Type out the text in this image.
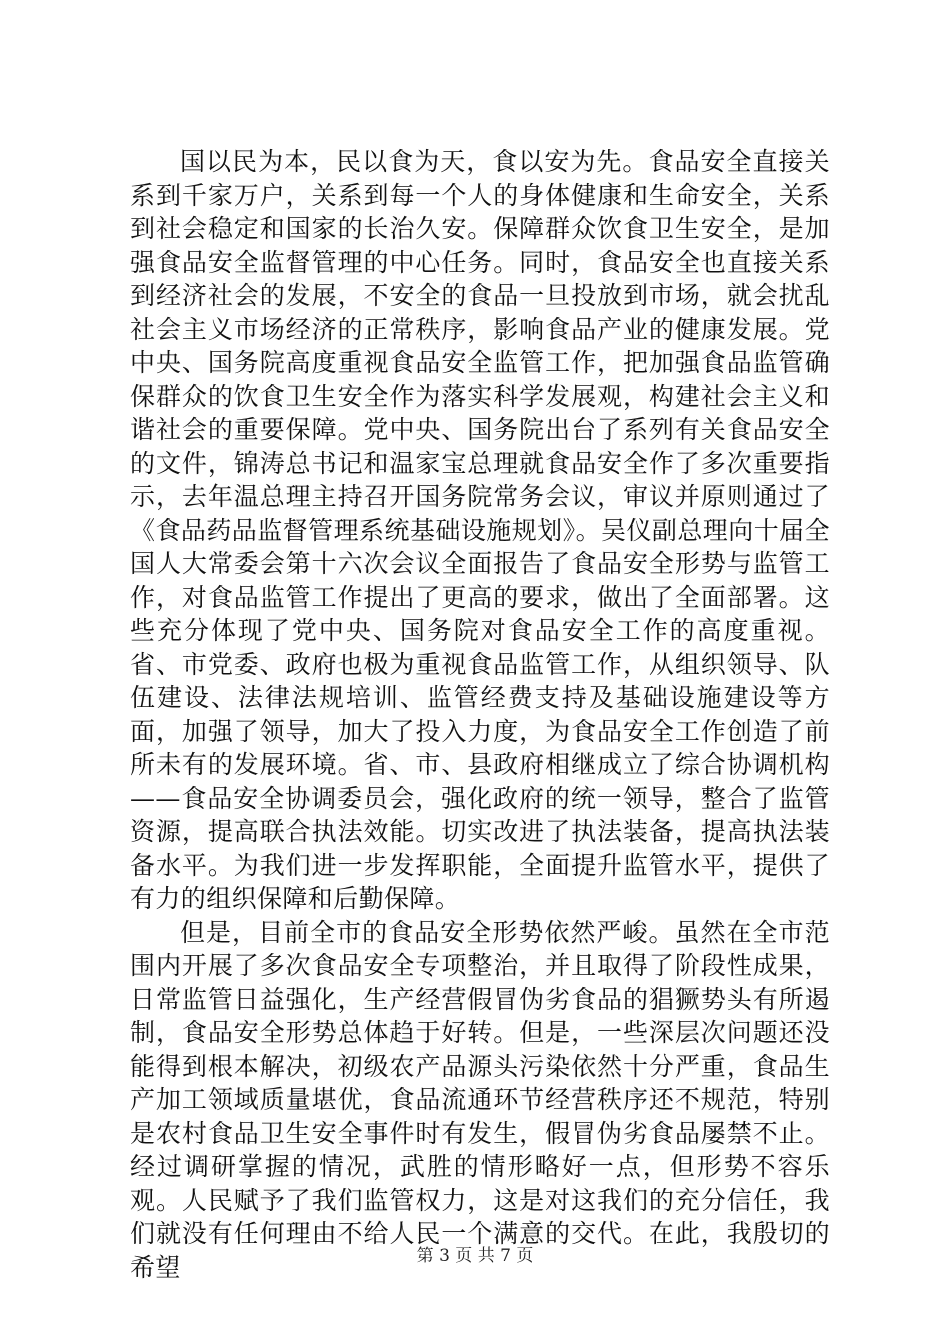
国以民为本，民以食为天，食以安为先。食品安全直接关系到千家万户，关系到每一个人的身体健康和生命安全，关系到社会稳定和国家的长治久安。保障群众饮食卫生安全，是加强食品安全监督管理的中心任务。同时，食品安全也直接关系到经济社会的发展，不安全的食品一旦投放到市场，就会扰乱社会主义市场经济的正常秩序，影响食品产业的健康发展。党中央、国务院高度重视食品安全监管工作，把加强食品监管确保群众的饮食卫生安全作为落实科学发展观，构建社会主义和谐社会的重要保障。党中央、国务院出台了系列有关食品安全的文件，锦涛总书记和温家宝总理就食品安全作了多次重要指示，去年温总理主持召开国务院常务会议，审议并原则通过了《食品药品监督管理系统基础设施规划》。吴仪副总理向十届全国人大常委会第十六次会议全面报告了食品安全形势与监管工作，对食品监管工作提出了更高的要求，做出了全面部署。这些充分体现了党中央、国务院对食品安全工作的高度重视。省、市党委、政府也极为重视食品监管工作，从组织领导、队伍建设、法律法规培训、监管经费支持及基础设施建设等方面，加强了领导，加大了投入力度，为食品安全工作创造了前所未有的发展环境。省、市、县政府相继成立了综合协调机构——食品安全协调委员会，强化政府的统一领导，整合了监管资源，提高联合执法效能。切实改进了执法装备，提高执法装备水平。为我们进一步发挥职能，全面提升监管水平，提供了有力的组织保障和后勤保障。

但是，目前全市的食品安全形势依然严峻。虽然在全市范围内开展了多次食品安全专项整治，并且取得了阶段性成果，日常监管日益强化，生产经营假冒伪劣食品的猖獗势头有所遏制，食品安全形势总体趋于好转。但是，一些深层次问题还没能得到根本解决，初级农产品源头污染依然十分严重，食品生产加工领域质量堪优，食品流通环节经营秩序还不规范，特别是农村食品卫生安全事件时有发生，假冒伪劣食品屡禁不止。经过调研掌握的情况，武胜的情形略好一点，但形势不容乐观。人民赋予了我们监管权力，这是对这我们的充分信任，我们就没有任何理由不给人民一个满意的交代。在此，我殷切的希望	第 3 页 共 7 页
